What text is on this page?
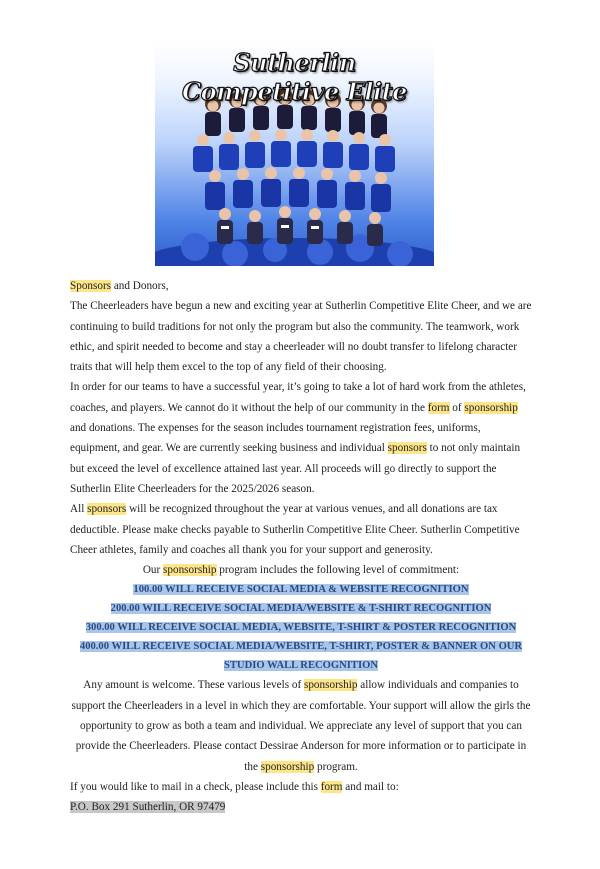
Sutherlin Competitive Elite

Sponsors and Donors,

The Cheerleaders have begun a new and exciting year at Sutherlin Competitive Elite Cheer, and we are continuing to build traditions for not only the program but also the community. The teamwork, work ethic, and spirit needed to become and stay a cheerleader will no doubt transfer to lifelong character traits that will help them excel to the top of any field of their choosing.

In order for our teams to have a successful year, it’s going to take a lot of hard work from the athletes, coaches, and players. We cannot do it without the help of our community in the form of sponsorship and donations. The expenses for the season includes tournament registration fees, uniforms, equipment, and gear. We are currently seeking business and individual sponsors to not only maintain but exceed the level of excellence attained last year. All proceeds will go directly to support the Sutherlin Elite Cheerleaders for the 2025/2026 season.

All sponsors will be recognized throughout the year at various venues, and all donations are tax deductible. Please make checks payable to Sutherlin Competitive Elite Cheer. Sutherlin Competitive Cheer athletes, family and coaches all thank you for your support and generosity.

Our sponsorship program includes the following level of commitment:

100.00 WILL RECEIVE SOCIAL MEDIA & WEBSITE RECOGNITION
200.00 WILL RECEIVE SOCIAL MEDIA/WEBSITE & T-SHIRT RECOGNITION
300.00 WILL RECEIVE SOCIAL MEDIA, WEBSITE, T-SHIRT & POSTER RECOGNITION
400.00 WILL RECEIVE SOCIAL MEDIA/WEBSITE, T-SHIRT, POSTER & BANNER ON OUR
STUDIO WALL RECOGNITION

Any amount is welcome. These various levels of sponsorship allow individuals and companies to support the Cheerleaders in a level in which they are comfortable. Your support will allow the girls the opportunity to grow as both a team and individual. We appreciate any level of support that you can provide the Cheerleaders. Please contact Dessirae Anderson for more information or to participate in the sponsorship program.

If you would like to mail in a check, please include this form and mail to:

P.O. Box 291 Sutherlin, OR 97479
